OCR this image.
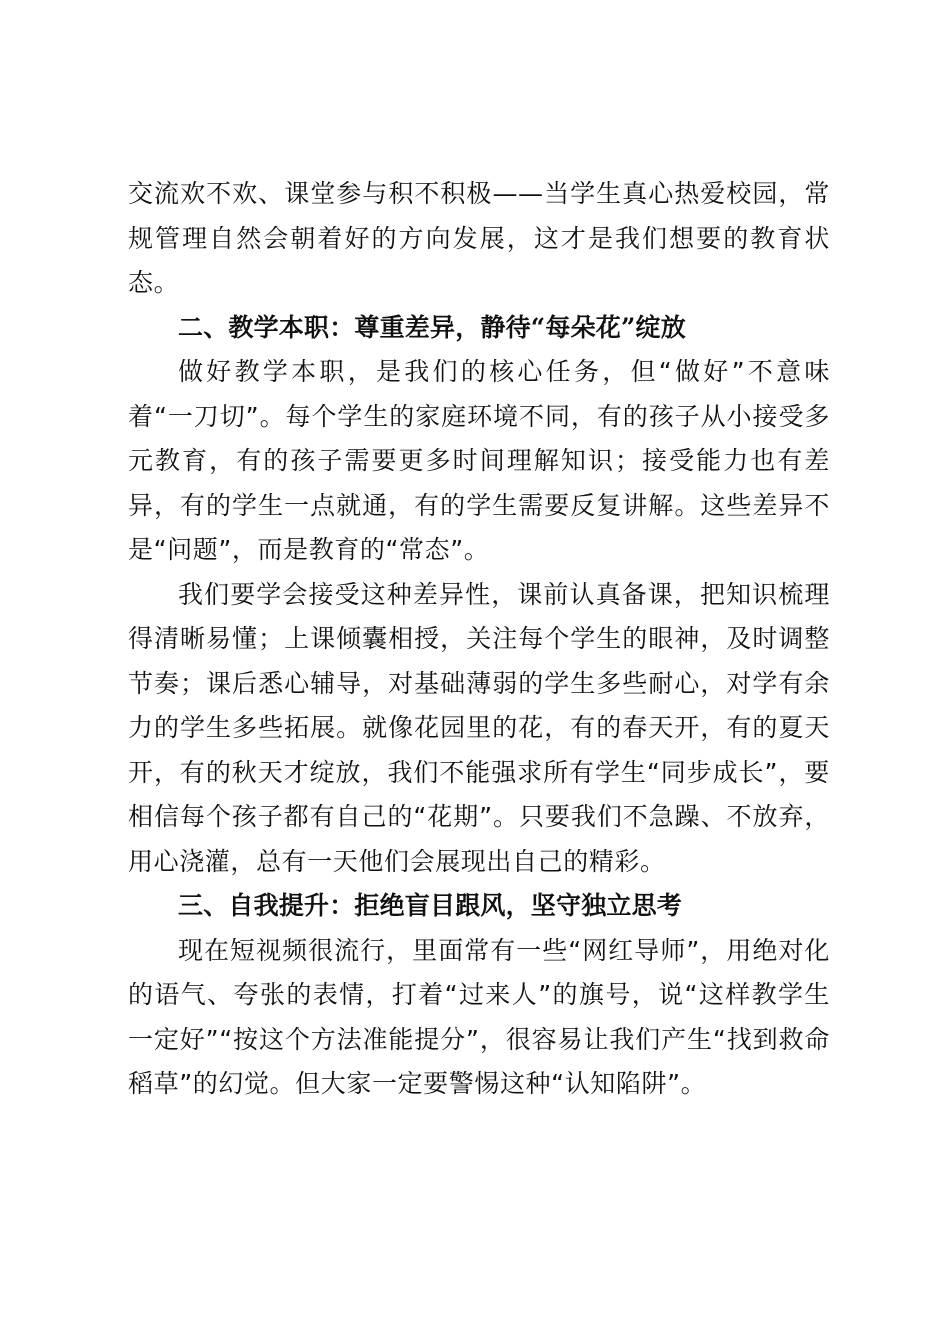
交流欢不欢、课堂参与积不积极——当学生真心热爱校园，常规管理自然会朝着好的方向发展，这才是我们想要的教育状态。

二、教学本职：尊重差异，静待“每朵花”绽放

做好教学本职，是我们的核心任务，但“做好”不意味着“一刀切”。每个学生的家庭环境不同，有的孩子从小接受多元教育，有的孩子需要更多时间理解知识；接受能力也有差异，有的学生一点就通，有的学生需要反复讲解。这些差异不是“问题”，而是教育的“常态”。

我们要学会接受这种差异性，课前认真备课，把知识梳理得清晰易懂；上课倾囊相授，关注每个学生的眼神，及时调整节奏；课后悉心辅导，对基础薄弱的学生多些耐心，对学有余力的学生多些拓展。就像花园里的花，有的春天开，有的夏天开，有的秋天才绽放，我们不能强求所有学生“同步成长”，要相信每个孩子都有自己的“花期”。只要我们不急躁、不放弃，用心浇灌，总有一天他们会展现出自己的精彩。

三、自我提升：拒绝盲目跟风，坚守独立思考

现在短视频很流行，里面常有一些“网红导师”，用绝对化的语气、夸张的表情，打着“过来人”的旗号，说“这样教学生一定好”“按这个方法准能提分”，很容易让我们产生“找到救命稻草”的幻觉。但大家一定要警惕这种“认知陷阱”。
